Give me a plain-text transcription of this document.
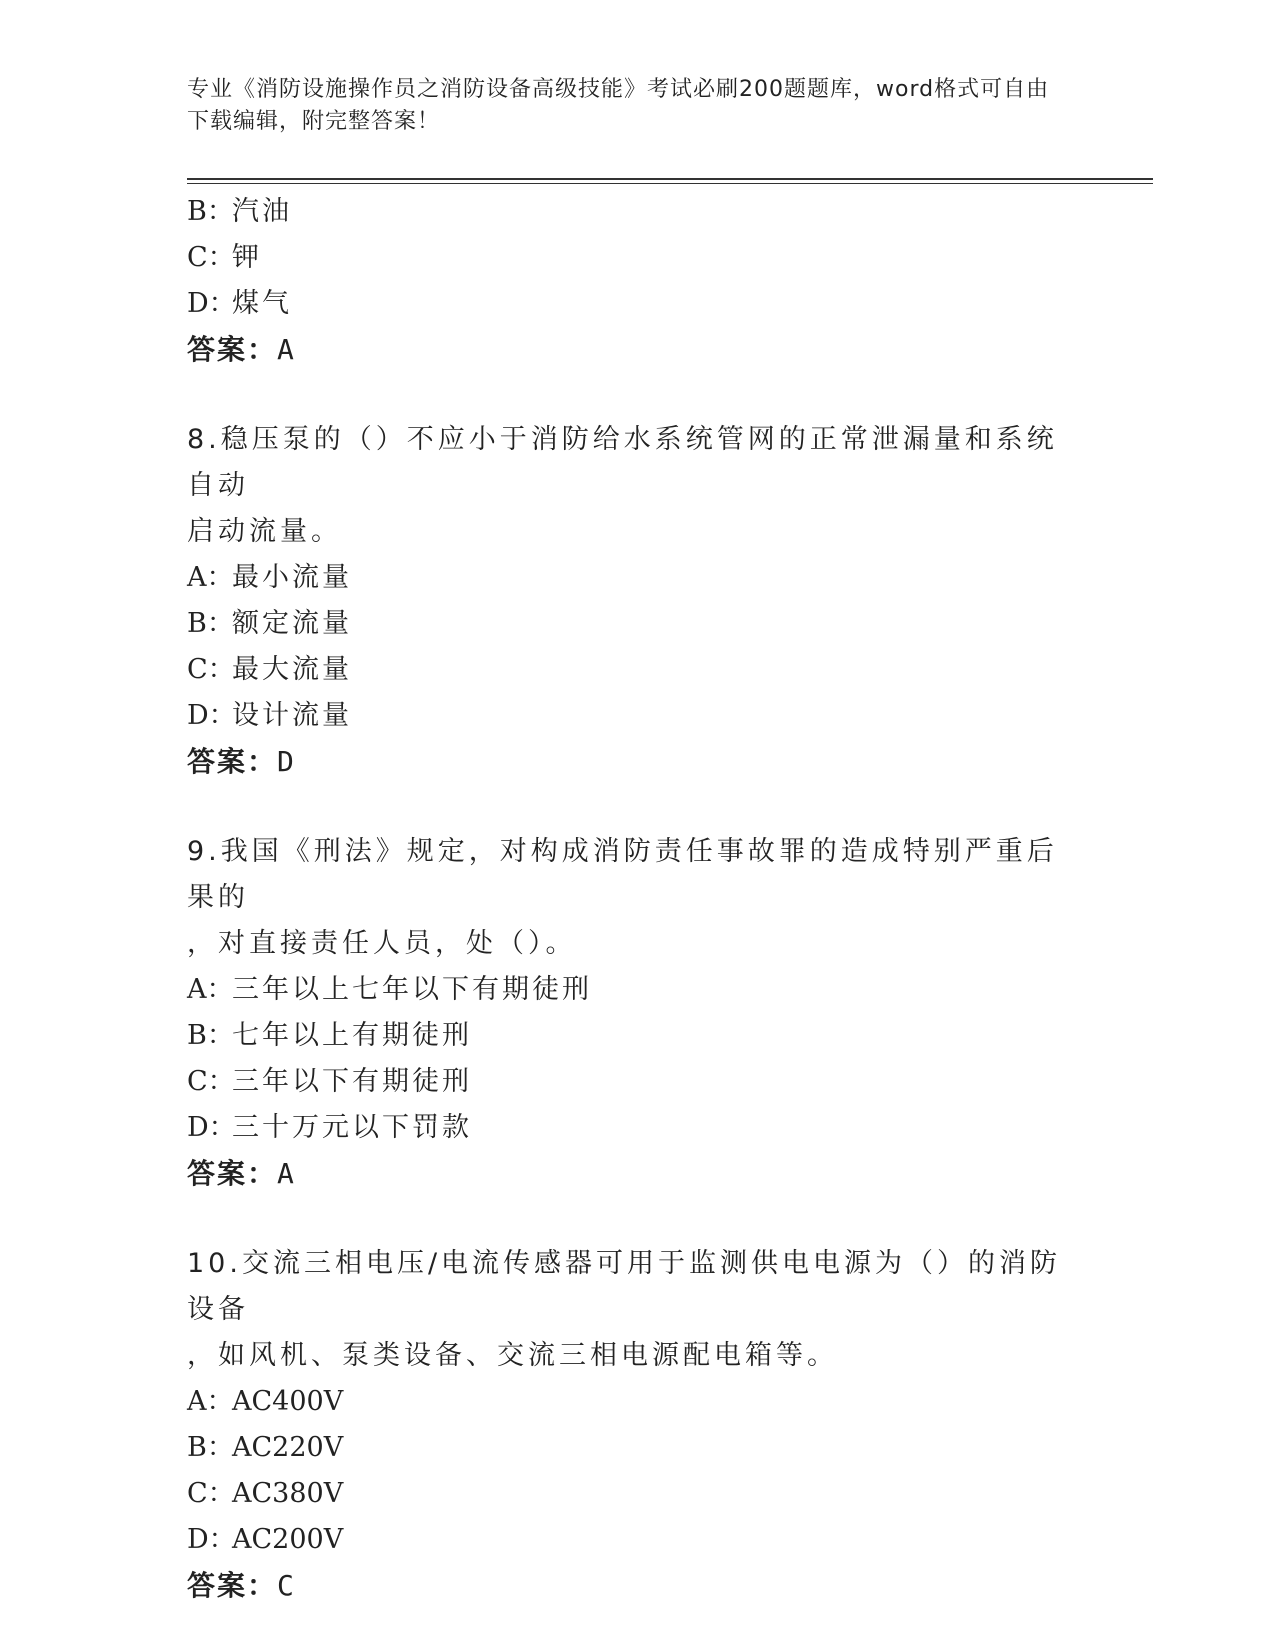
专业《消防设施操作员之消防设备高级技能》考试必刷200题题库，word格式可自由下载编辑，附完整答案！
B：汽油
C：钾
D：煤气
答案：A
8.稳压泵的（）不应小于消防给水系统管网的正常泄漏量和系统自动
启动流量。
A：最小流量
B：额定流量
C：最大流量
D：设计流量
答案：D
9.我国《刑法》规定，对构成消防责任事故罪的造成特别严重后果的
，对直接责任人员，处（）。
A：三年以上七年以下有期徒刑
B：七年以上有期徒刑
C：三年以下有期徒刑
D：三十万元以下罚款
答案：A
10.交流三相电压/电流传感器可用于监测供电电源为（）的消防设备
，如风机、泵类设备、交流三相电源配电箱等。
A：AC400V
B：AC220V
C：AC380V
D：AC200V
答案：C
